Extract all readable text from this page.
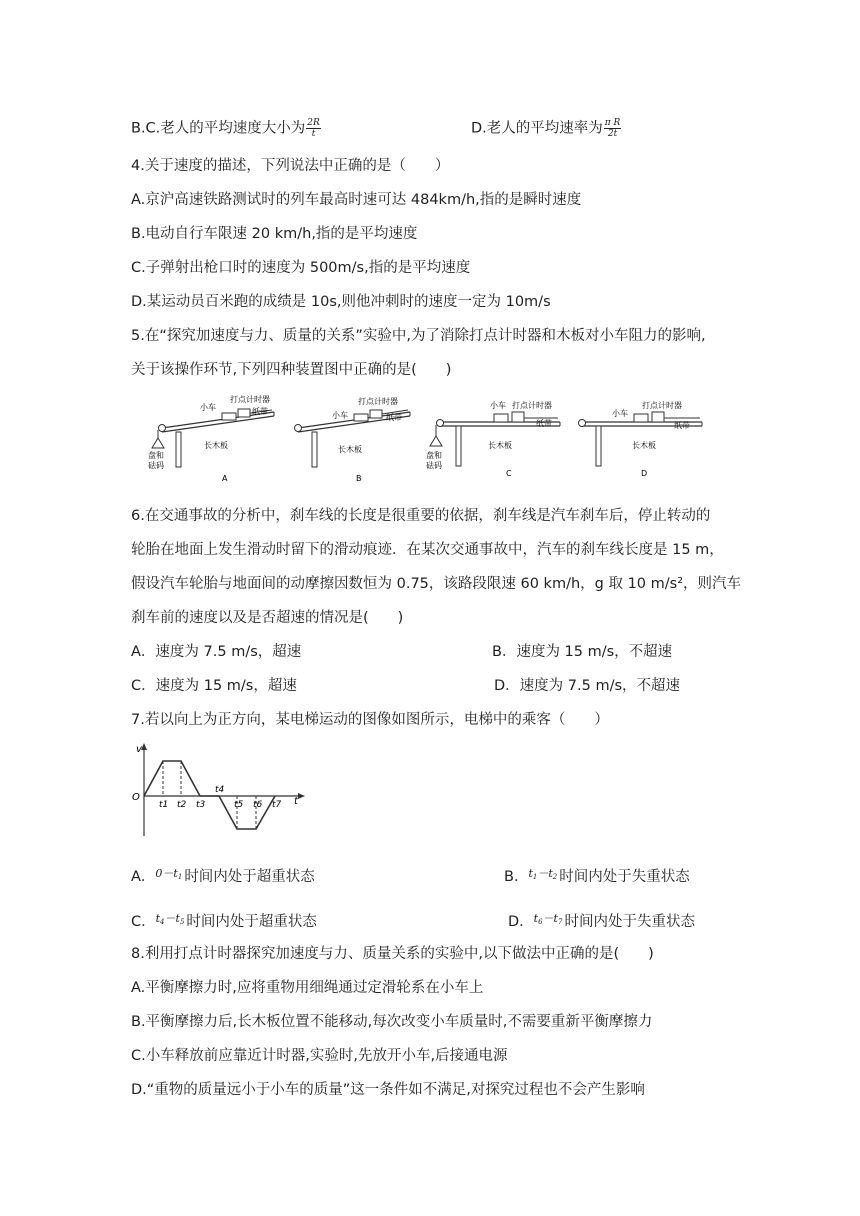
B.C.老人的平均速度大小为 $\frac{2R}{t}$	D.老人的平均速率为 $\frac{\text{π R}}{2t}$
4.关于速度的描述，下列说法中正确的是（　　）
A.京沪高速铁路测试时的列车最高时速可达 484km/h,指的是瞬时速度
B.电动自行车限速 20 km/h,指的是平均速度
C.子弹射出枪口时的速度为 500m/s,指的是平均速度
D.某运动员百米跑的成绩是 10s,则他冲刺时的速度一定为 10m/s
5.在“探究加速度与力、质量的关系”实验中,为了消除打点计时器和木板对小车阻力的影响,
关于该操作环节,下列四种装置图中正确的是(　　)
小车
打点计时器
纸带
长木板
盘和
砝码
A
小车
打点计时器
纸带
长木板
B
小车 打点计时器
纸带
长木板
盘和
砝码
C
小车
打点计时器
纸带
长木板
D
6.在交通事故的分析中，刹车线的长度是很重要的依据，刹车线是汽车刹车后，停止转动的
轮胎在地面上发生滑动时留下的滑动痕迹．在某次交通事故中，汽车的刹车线长度是 15 m，
假设汽车轮胎与地面间的动摩擦因数恒为 0.75，该路段限速 60 km/h，g 取 10 m/s²，则汽车
刹车前的速度以及是否超速的情况是(　　)
A．速度为 7.5 m/s，超速	B．速度为 15 m/s，不超速
C．速度为 15 m/s，超速	D．速度为 7.5 m/s，不超速
7.若以向上为正方向，某电梯运动的图像如图所示，电梯中的乘客（　　）
v
O	t
t1 t2 t3
t4
t5 t6 t7
A．$^{0-t_1}$ 时间内处于超重状态	B．$^{t_1-t_2}$ 时间内处于失重状态
C．$^{t_4-t_5}$ 时间内处于超重状态	D．$^{t_6-t_7}$ 时间内处于失重状态
8.利用打点计时器探究加速度与力、质量关系的实验中,以下做法中正确的是(　　)
A.平衡摩擦力时,应将重物用细绳通过定滑轮系在小车上
B.平衡摩擦力后,长木板位置不能移动,每次改变小车质量时,不需要重新平衡摩擦力
C.小车释放前应靠近计时器,实验时,先放开小车,后接通电源
D.“重物的质量远小于小车的质量”这一条件如不满足,对探究过程也不会产生影响
